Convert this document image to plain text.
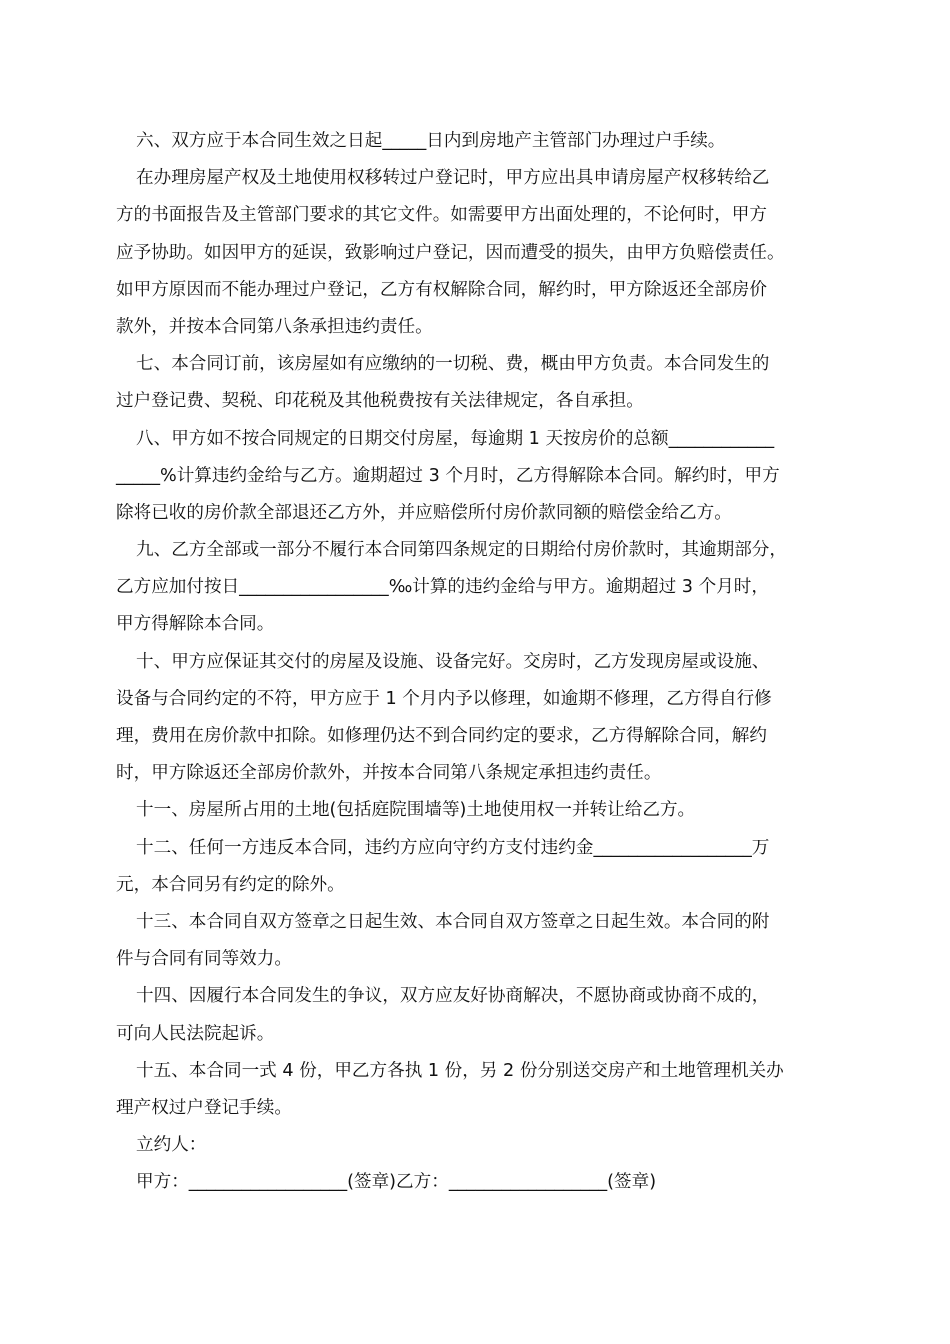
六、双方应于本合同生效之日起_____日内到房地产主管部门办理过户手续。
在办理房屋产权及土地使用权移转过户登记时，甲方应出具申请房屋产权移转给乙
方的书面报告及主管部门要求的其它文件。如需要甲方出面处理的，不论何时，甲方
应予协助。如因甲方的延误，致影响过户登记，因而遭受的损失，由甲方负赔偿责任。
如甲方原因而不能办理过户登记，乙方有权解除合同，解约时，甲方除返还全部房价
款外，并按本合同第八条承担违约责任。
七、本合同订前，该房屋如有应缴纳的一切税、费，概由甲方负责。本合同发生的
过户登记费、契税、印花税及其他税费按有关法律规定，各自承担。
八、甲方如不按合同规定的日期交付房屋，每逾期 1 天按房价的总额____________
_____%计算违约金给与乙方。逾期超过 3 个月时，乙方得解除本合同。解约时，甲方
除将已收的房价款全部退还乙方外，并应赔偿所付房价款同额的赔偿金给乙方。
九、乙方全部或一部分不履行本合同第四条规定的日期给付房价款时，其逾期部分，
乙方应加付按日_________________‰计算的违约金给与甲方。逾期超过 3 个月时，
甲方得解除本合同。
十、甲方应保证其交付的房屋及设施、设备完好。交房时，乙方发现房屋或设施、
设备与合同约定的不符，甲方应于 1 个月内予以修理，如逾期不修理，乙方得自行修
理，费用在房价款中扣除。如修理仍达不到合同约定的要求，乙方得解除合同，解约
时，甲方除返还全部房价款外，并按本合同第八条规定承担违约责任。
十一、房屋所占用的土地(包括庭院围墙等)土地使用权一并转让给乙方。
十二、任何一方违反本合同，违约方应向守约方支付违约金__________________万
元，本合同另有约定的除外。
十三、本合同自双方签章之日起生效、本合同自双方签章之日起生效。本合同的附
件与合同有同等效力。
十四、因履行本合同发生的争议，双方应友好协商解决，不愿协商或协商不成的，
可向人民法院起诉。
十五、本合同一式 4 份，甲乙方各执 1 份，另 2 份分别送交房产和土地管理机关办
理产权过户登记手续。
立约人：
甲方：__________________(签章)乙方：__________________(签章)
